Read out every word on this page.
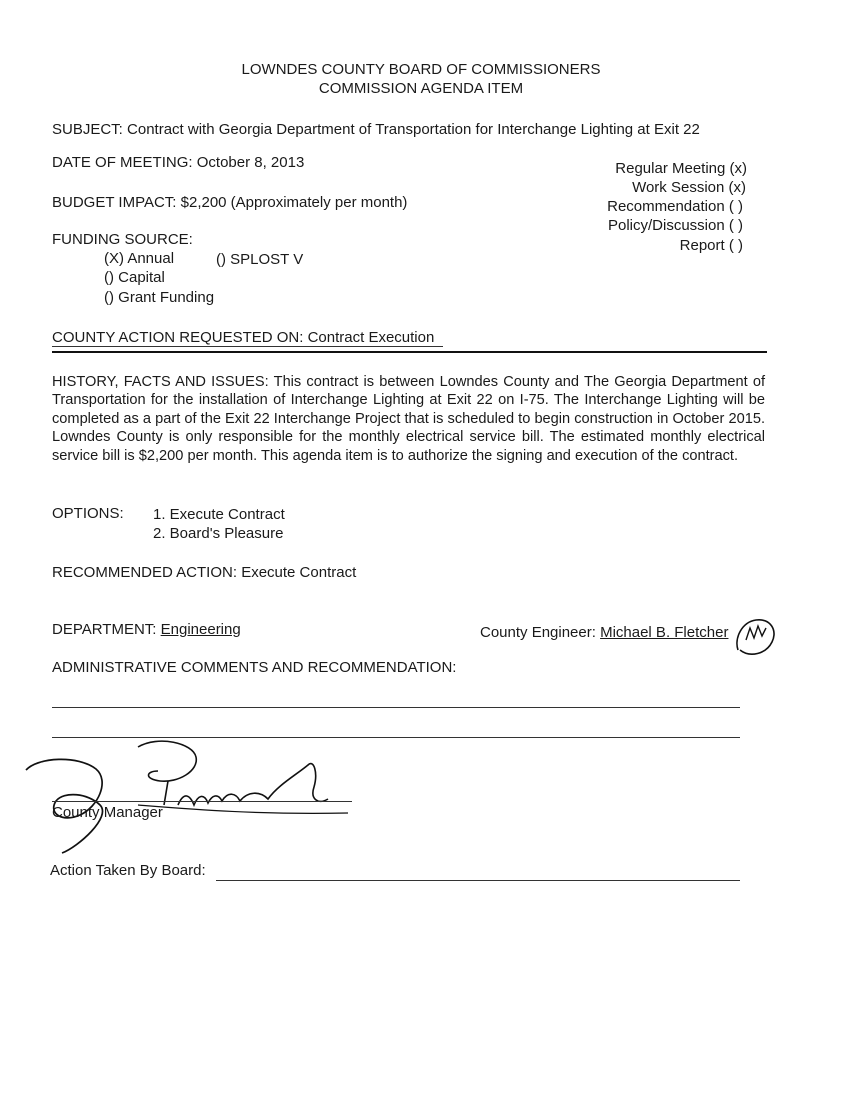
LOWNDES COUNTY BOARD OF COMMISSIONERS
COMMISSION AGENDA ITEM
SUBJECT: Contract with Georgia Department of Transportation for Interchange Lighting at Exit 22
DATE OF MEETING: October 8, 2013
BUDGET IMPACT: $2,200 (Approximately per month)
FUNDING SOURCE:
(X) Annual	() SPLOST V
() Capital
() Grant Funding
Regular Meeting (x)
Work Session (x)
Recommendation ( )
Policy/Discussion ( )
Report ( )
COUNTY ACTION REQUESTED ON: Contract Execution
HISTORY, FACTS AND ISSUES: This contract is between Lowndes County and The Georgia Department of Transportation for the installation of Interchange Lighting at Exit 22 on I-75. The Interchange Lighting will be completed as a part of the Exit 22 Interchange Project that is scheduled to begin construction in October 2015. Lowndes County is only responsible for the monthly electrical service bill. The estimated monthly electrical service bill is $2,200 per month. This agenda item is to authorize the signing and execution of the contract.
OPTIONS: 1. Execute Contract
2. Board's Pleasure
RECOMMENDED ACTION: Execute Contract
DEPARTMENT: Engineering	County Engineer: Michael B. Fletcher
ADMINISTRATIVE COMMENTS AND RECOMMENDATION:
County Manager
Action Taken By Board:
